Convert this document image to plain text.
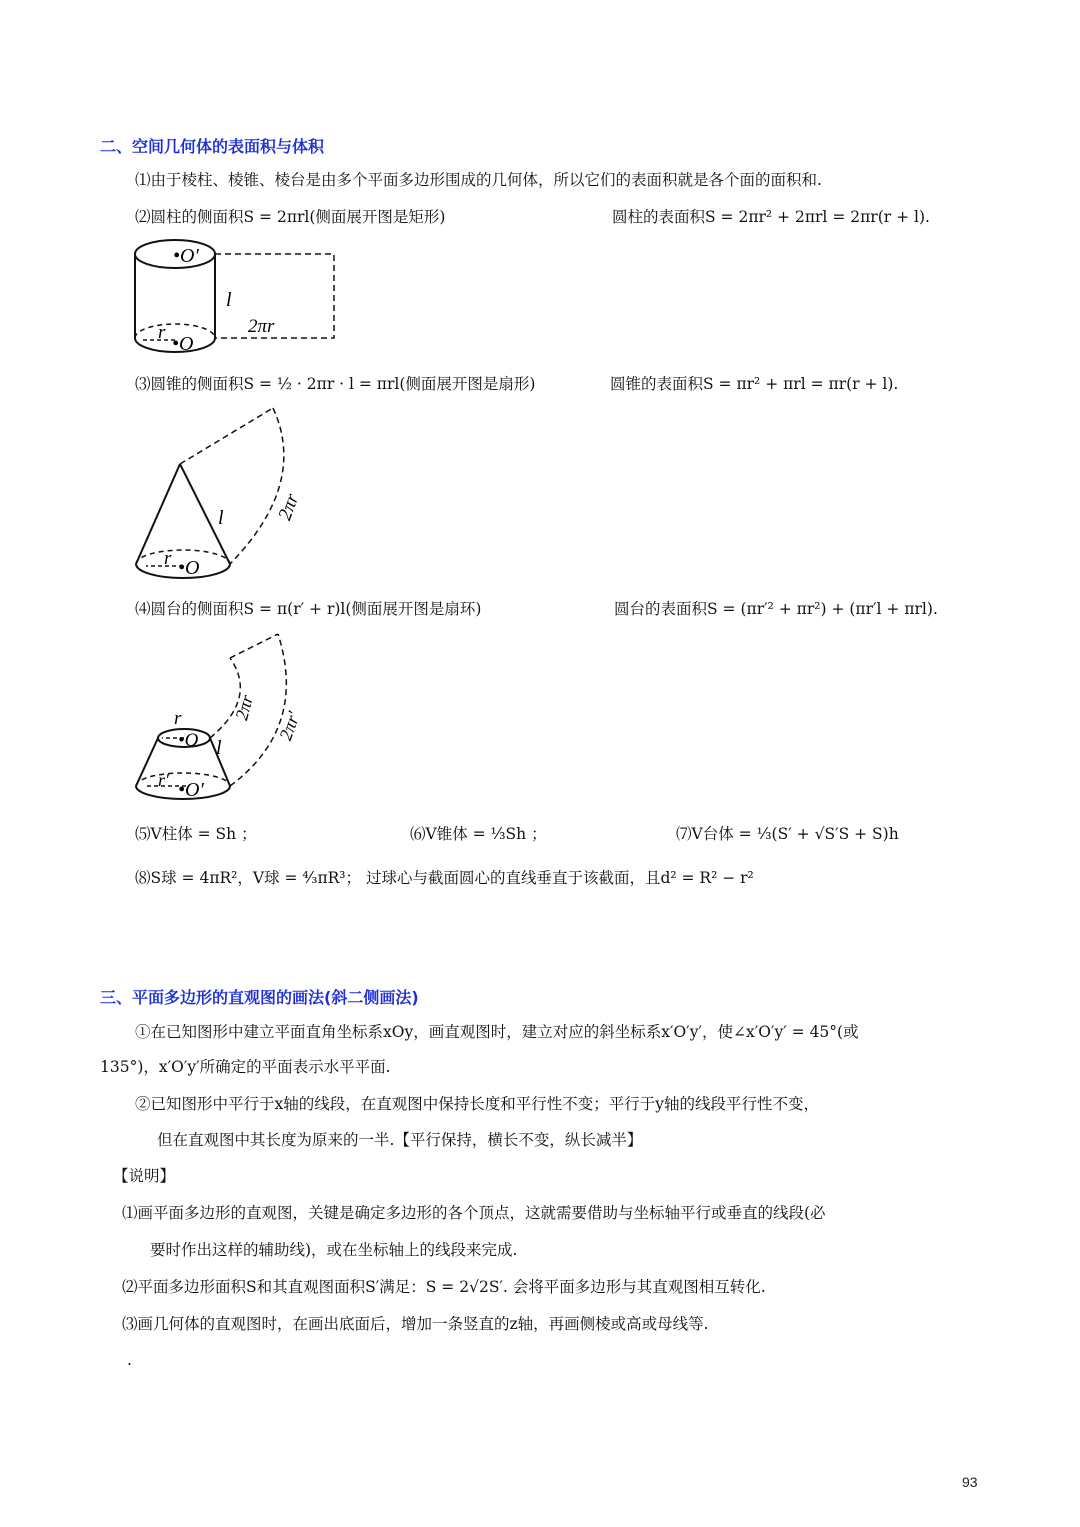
二、空间几何体的表面积与体积
⑴由于棱柱、棱锥、棱台是由多个平面多边形围成的几何体，所以它们的表面积就是各个面的面积和.
⑵圆柱的侧面积S = 2πrl(侧面展开图是矩形)	圆柱的表面积S = 2πr² + 2πrl = 2πr(r + l).
•O′
l
2πr
r
•O
⑶圆锥的侧面积S = ½ · 2πr · l = πrl(侧面展开图是扇形)	圆锥的表面积S = πr² + πrl = πr(r + l).
l	2πr
r •O
⑷圆台的侧面积S = π(r′ + r)l(侧面展开图是扇环)	圆台的表面积S = (πr′² + πr²) + (πr′l + πrl).
r
•O l
2πr
2πr′
r′ •O′
⑸V柱体 = Sh ；	⑹V锥体 = ⅓Sh ；	⑺V台体 = ⅓(S′ + √S′S + S)h
⑻S球 = 4πR²，V球 = ⁴⁄₃πR³； 过球心与截面圆心的直线垂直于该截面，且d² = R² − r²
三、平面多边形的直观图的画法(斜二侧画法)
①在已知图形中建立平面直角坐标系xOy，画直观图时，建立对应的斜坐标系x′O′y′，使∠x′O′y′ = 45°(或
135°)，x′O′y′所确定的平面表示水平平面.
②已知图形中平行于x轴的线段，在直观图中保持长度和平行性不变；平行于y轴的线段平行性不变，
但在直观图中其长度为原来的一半.【平行保持，横长不变，纵长减半】
【说明】
⑴画平面多边形的直观图，关键是确定多边形的各个顶点，这就需要借助与坐标轴平行或垂直的线段(必
要时作出这样的辅助线)，或在坐标轴上的线段来完成.
⑵平面多边形面积S和其直观图面积S′满足：S = 2√2S′. 会将平面多边形与其直观图相互转化.
⑶画几何体的直观图时，在画出底面后，增加一条竖直的z轴，再画侧棱或高或母线等.
.
93
